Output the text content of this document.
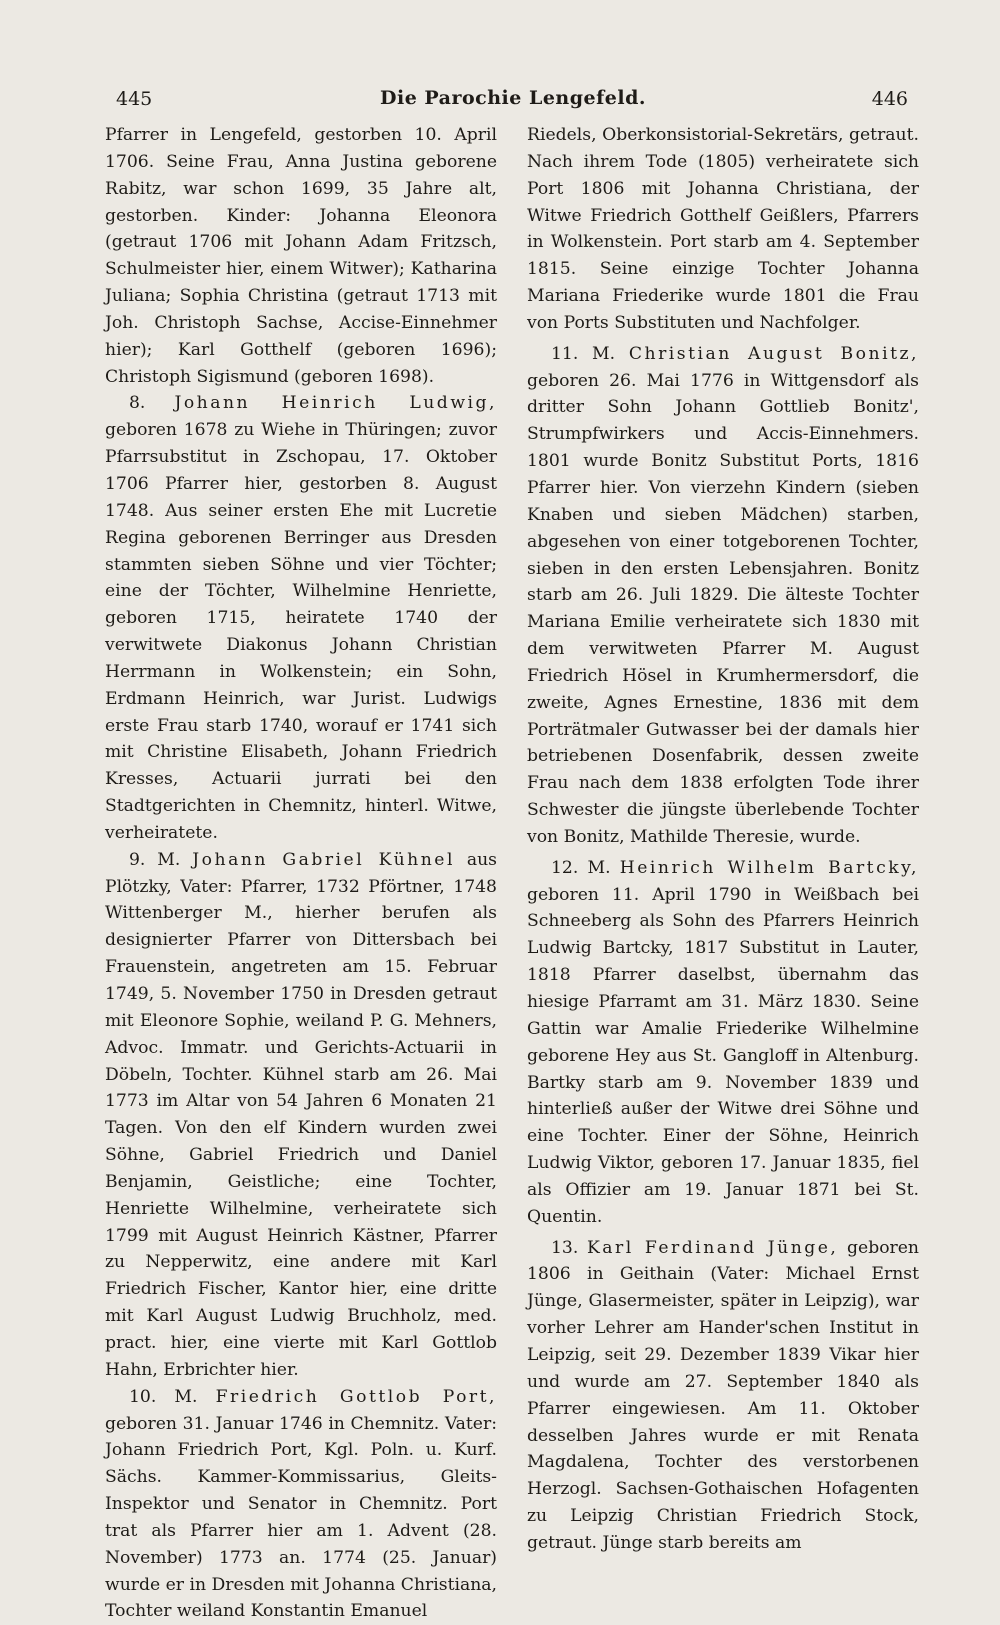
445	Die Parochie Lengefeld.	446

Pfarrer in Lengefeld, gestorben 10. April 1706. Seine Frau, Anna Justina geborene Rabitz, war schon 1699, 35 Jahre alt, gestorben. Kinder: Johanna Eleonora (getraut 1706 mit Johann Adam Fritzsch, Schulmeister hier, einem Witwer); Katharina Juliana; Sophia Christina (getraut 1713 mit Joh. Christoph Sachse, Accise-Einnehmer hier); Karl Gotthelf (geboren 1696); Christoph Sigismund (geboren 1698).

8. Johann Heinrich Ludwig, geboren 1678 zu Wiehe in Thüringen; zuvor Pfarrsubstitut in Zschopau, 17. Oktober 1706 Pfarrer hier, gestorben 8. August 1748. Aus seiner ersten Ehe mit Lucretie Regina geborenen Berringer aus Dresden stammten sieben Söhne und vier Töchter; eine der Töchter, Wilhelmine Henriette, geboren 1715, heiratete 1740 der verwitwete Diakonus Johann Christian Herrmann in Wolkenstein; ein Sohn, Erdmann Heinrich, war Jurist. Ludwigs erste Frau starb 1740, worauf er 1741 sich mit Christine Elisabeth, Johann Friedrich Kresses, Actuarii jurrati bei den Stadtgerichten in Chemnitz, hinterl. Witwe, verheiratete.

9. M. Johann Gabriel Kühnel aus Plötzky, Vater: Pfarrer, 1732 Pförtner, 1748 Wittenberger M., hierher berufen als designierter Pfarrer von Dittersbach bei Frauenstein, angetreten am 15. Februar 1749, 5. November 1750 in Dresden getraut mit Eleonore Sophie, weiland P. G. Mehners, Advoc. Immatr. und Gerichts-Actuarii in Döbeln, Tochter. Kühnel starb am 26. Mai 1773 im Altar von 54 Jahren 6 Monaten 21 Tagen. Von den elf Kindern wurden zwei Söhne, Gabriel Friedrich und Daniel Benjamin, Geistliche; eine Tochter, Henriette Wilhelmine, verheiratete sich 1799 mit August Heinrich Kästner, Pfarrer zu Nepperwitz, eine andere mit Karl Friedrich Fischer, Kantor hier, eine dritte mit Karl August Ludwig Bruchholz, med. pract. hier, eine vierte mit Karl Gottlob Hahn, Erbrichter hier.

10. M. Friedrich Gottlob Port, geboren 31. Januar 1746 in Chemnitz. Vater: Johann Friedrich Port, Kgl. Poln. u. Kurf. Sächs. Kammer-Kommissarius, Gleits-Inspektor und Senator in Chemnitz. Port trat als Pfarrer hier am 1. Advent (28. November) 1773 an. 1774 (25. Januar) wurde er in Dresden mit Johanna Christiana, Tochter weiland Konstantin Emanuel

Riedels, Oberkonsistorial-Sekretärs, getraut. Nach ihrem Tode (1805) verheiratete sich Port 1806 mit Johanna Christiana, der Witwe Friedrich Gotthelf Geißlers, Pfarrers in Wolkenstein. Port starb am 4. September 1815. Seine einzige Tochter Johanna Mariana Friederike wurde 1801 die Frau von Ports Substituten und Nachfolger.

11. M. Christian August Bonitz, geboren 26. Mai 1776 in Wittgensdorf als dritter Sohn Johann Gottlieb Bonitz', Strumpfwirkers und Accis-Einnehmers. 1801 wurde Bonitz Substitut Ports, 1816 Pfarrer hier. Von vierzehn Kindern (sieben Knaben und sieben Mädchen) starben, abgesehen von einer totgeborenen Tochter, sieben in den ersten Lebensjahren. Bonitz starb am 26. Juli 1829. Die älteste Tochter Mariana Emilie verheiratete sich 1830 mit dem verwitweten Pfarrer M. August Friedrich Hösel in Krumhermersdorf, die zweite, Agnes Ernestine, 1836 mit dem Porträtmaler Gutwasser bei der damals hier betriebenen Dosenfabrik, dessen zweite Frau nach dem 1838 erfolgten Tode ihrer Schwester die jüngste überlebende Tochter von Bonitz, Mathilde Theresie, wurde.

12. M. Heinrich Wilhelm Bartcky, geboren 11. April 1790 in Weißbach bei Schneeberg als Sohn des Pfarrers Heinrich Ludwig Bartcky, 1817 Substitut in Lauter, 1818 Pfarrer daselbst, übernahm das hiesige Pfarramt am 31. März 1830. Seine Gattin war Amalie Friederike Wilhelmine geborene Hey aus St. Gangloff in Altenburg. Bartky starb am 9. November 1839 und hinterließ außer der Witwe drei Söhne und eine Tochter. Einer der Söhne, Heinrich Ludwig Viktor, geboren 17. Januar 1835, fiel als Offizier am 19. Januar 1871 bei St. Quentin.

13. Karl Ferdinand Jünge, geboren 1806 in Geithain (Vater: Michael Ernst Jünge, Glasermeister, später in Leipzig), war vorher Lehrer am Hander'schen Institut in Leipzig, seit 29. Dezember 1839 Vikar hier und wurde am 27. September 1840 als Pfarrer eingewiesen. Am 11. Oktober desselben Jahres wurde er mit Renata Magdalena, Tochter des verstorbenen Herzogl. Sachsen-Gothaischen Hofagenten zu Leipzig Christian Friedrich Stock, getraut. Jünge starb bereits am
